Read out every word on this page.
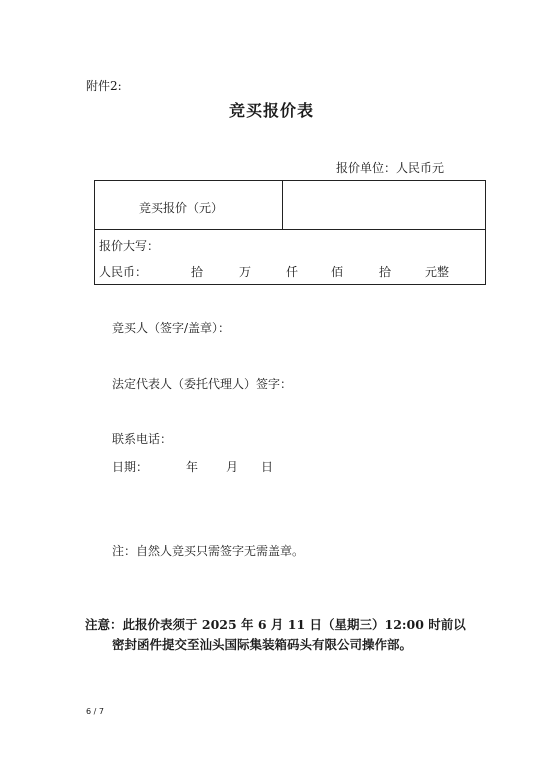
附件2:
竞买报价表
报价单位：人民币元
竞买报价（元）
报价大写：
人民币：	拾	万	仟	佰	拾	元整
竞买人（签字/盖章）：
法定代表人（委托代理人）签字：
联系电话：
日期：	年 月 日
注：自然人竞买只需签字无需盖章。
注意：此报价表须于 2025 年 6 月 11 日（星期三）12:00 时前以
密封函件提交至汕头国际集装箱码头有限公司操作部。
6 / 7
